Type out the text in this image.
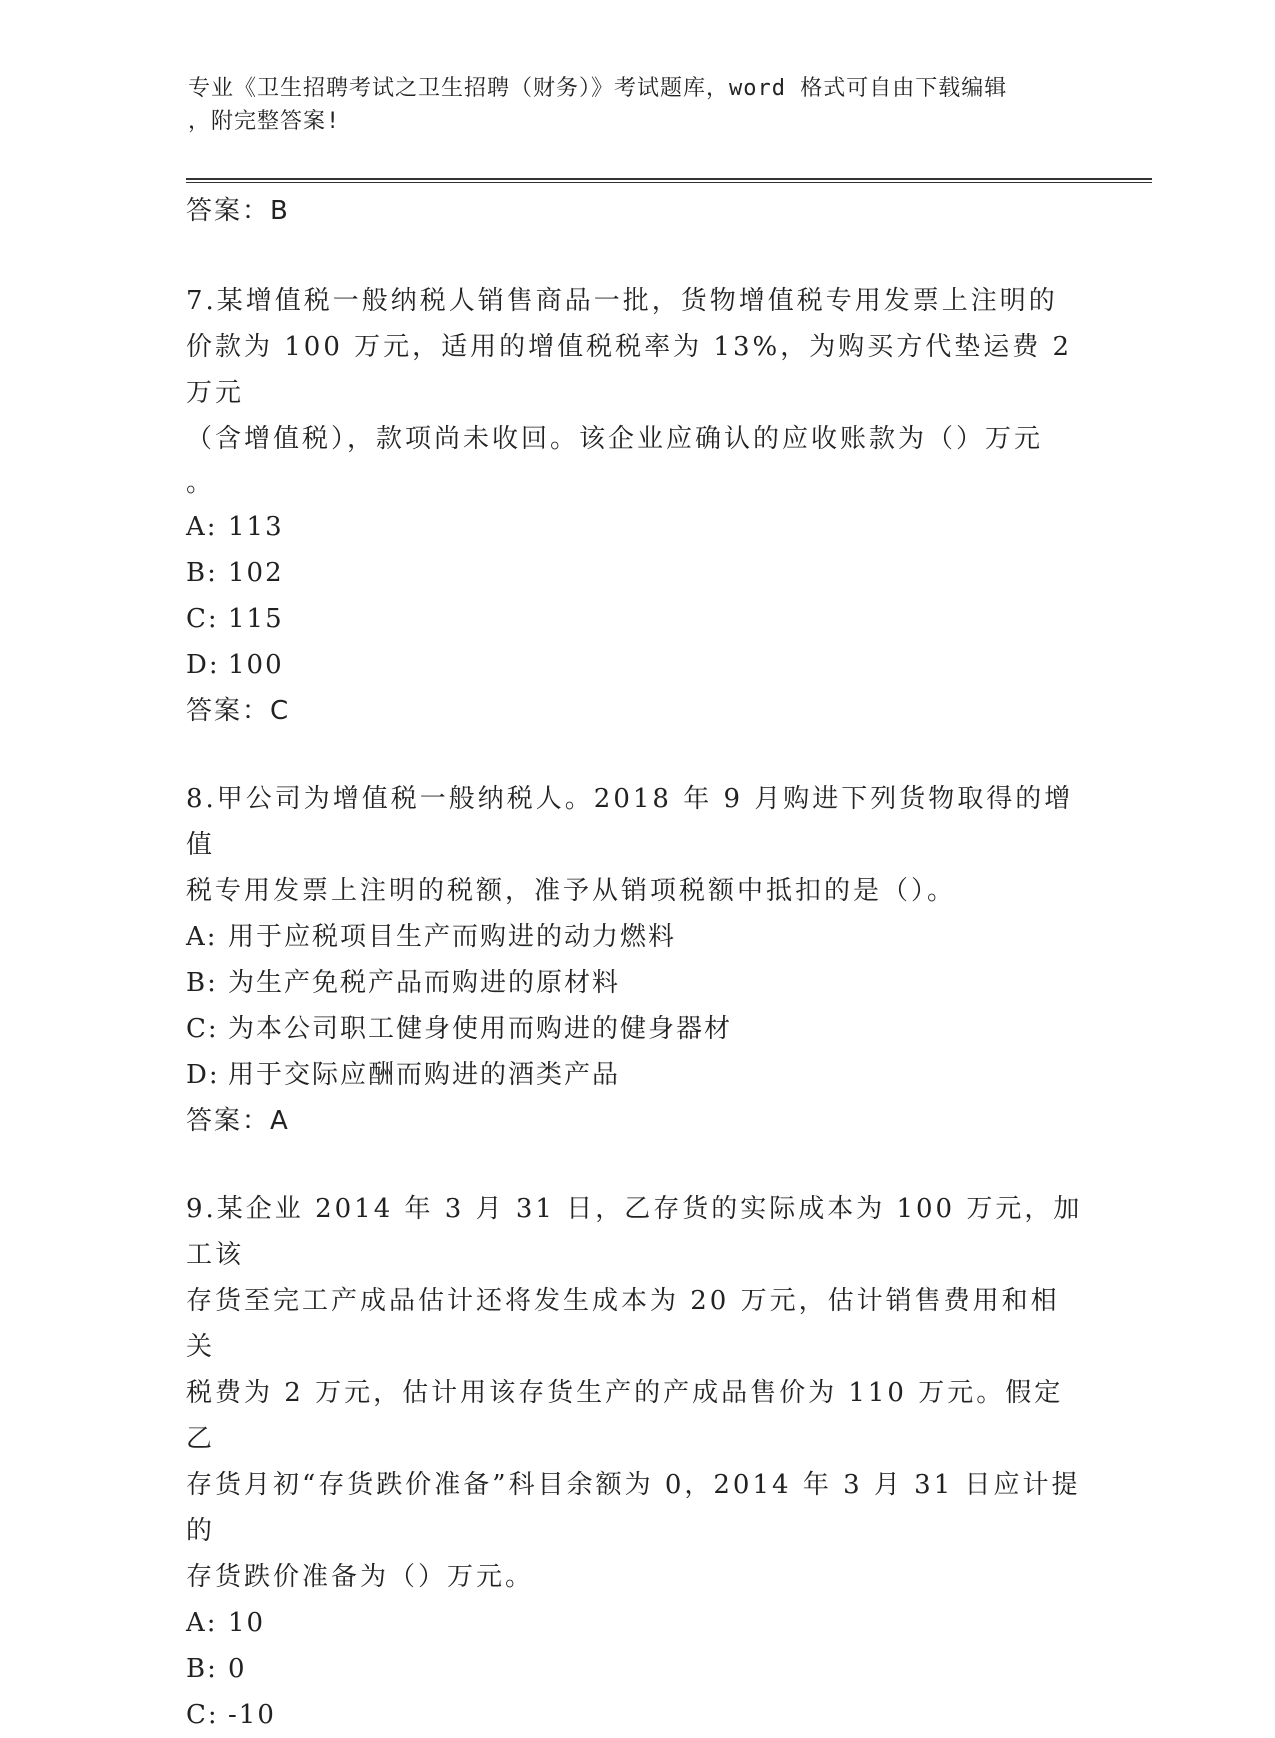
专业《卫生招聘考试之卫生招聘（财务）》考试题库，word 格式可自由下载编辑
，附完整答案!
答案：B
7.某增值税一般纳税人销售商品一批，货物增值税专用发票上注明的
价款为 100 万元，适用的增值税税率为 13%，为购买方代垫运费 2 万元
（含增值税），款项尚未收回。该企业应确认的应收账款为（）万元
。
A: 113
B: 102
C: 115
D: 100
答案：C
8.甲公司为增值税一般纳税人。2018 年 9 月购进下列货物取得的增值
税专用发票上注明的税额，准予从销项税额中抵扣的是（）。
A: 用于应税项目生产而购进的动力燃料
B: 为生产免税产品而购进的原材料
C: 为本公司职工健身使用而购进的健身器材
D: 用于交际应酬而购进的酒类产品
答案：A
9.某企业 2014 年 3 月 31 日，乙存货的实际成本为 100 万元，加工该
存货至完工产成品估计还将发生成本为 20 万元，估计销售费用和相关
税费为 2 万元，估计用该存货生产的产成品售价为 110 万元。假定乙
存货月初“存货跌价准备”科目余额为 0，2014 年 3 月 31 日应计提的
存货跌价准备为（）万元。
A: 10
B: 0
C: -10
